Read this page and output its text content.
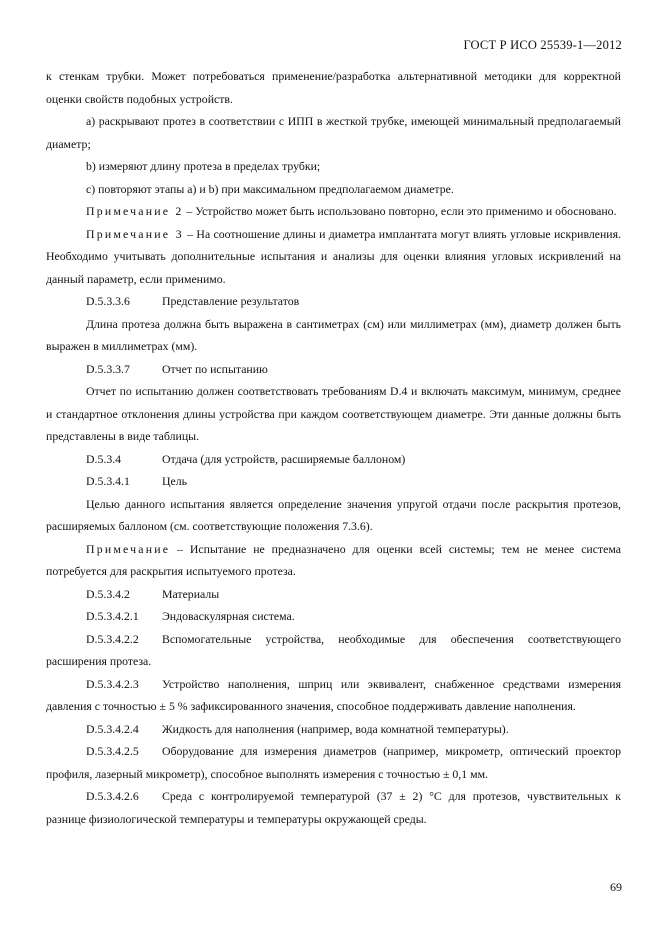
ГОСТ Р ИСО 25539-1—2012

к стенкам трубки. Может потребоваться применение/разработка альтернативной методики для корректной оценки свойств подобных устройств.

а) раскрывают протез в соответствии с ИПП в жесткой трубке, имеющей минимальный предполагаемый диаметр;

b) измеряют длину протеза в пределах трубки;

с) повторяют этапы а) и b) при максимальном предполагаемом диаметре.

Примечание 2 – Устройство может быть использовано повторно, если это применимо и обосновано.

Примечание 3 – На соотношение длины и диаметра имплантата могут влиять угловые искривления. Необходимо учитывать дополнительные испытания и анализы для оценки влияния угловых искривлений на данный параметр, если применимо.

D.5.3.3.6	Представление результатов

Длина протеза должна быть выражена в сантиметрах (см) или миллиметрах (мм), диаметр должен быть выражен в миллиметрах (мм).

D.5.3.3.7	Отчет по испытанию

Отчет по испытанию должен соответствовать требованиям D.4 и включать максимум, минимум, среднее и стандартное отклонения длины устройства при каждом соответствующем диаметре. Эти данные должны быть представлены в виде таблицы.

D.5.3.4	Отдача (для устройств, расширяемые баллоном)

D.5.3.4.1	Цель

Целью данного испытания является определение значения упругой отдачи после раскрытия протезов, расширяемых баллоном (см. соответствующие положения 7.3.6).

Примечание – Испытание не предназначено для оценки всей системы; тем не менее система потребуется для раскрытия испытуемого протеза.

D.5.3.4.2	Материалы

D.5.3.4.2.1 Эндоваскулярная система.

D.5.3.4.2.2 Вспомогательные устройства, необходимые для обеспечения соответствующего расширения протеза.

D.5.3.4.2.3 Устройство наполнения, шприц или эквивалент, снабженное средствами измерения давления с точностью ± 5 % зафиксированного значения, способное поддерживать давление наполнения.

D.5.3.4.2.4 Жидкость для наполнения (например, вода комнатной температуры).

D.5.3.4.2.5 Оборудование для измерения диаметров (например, микрометр, оптический проектор профиля, лазерный микрометр), способное выполнять измерения с точностью ± 0,1 мм.

D.5.3.4.2.6 Среда с контролируемой температурой (37 ± 2) °С для протезов, чувствительных к разнице физиологической температуры и температуры окружающей среды.

69
